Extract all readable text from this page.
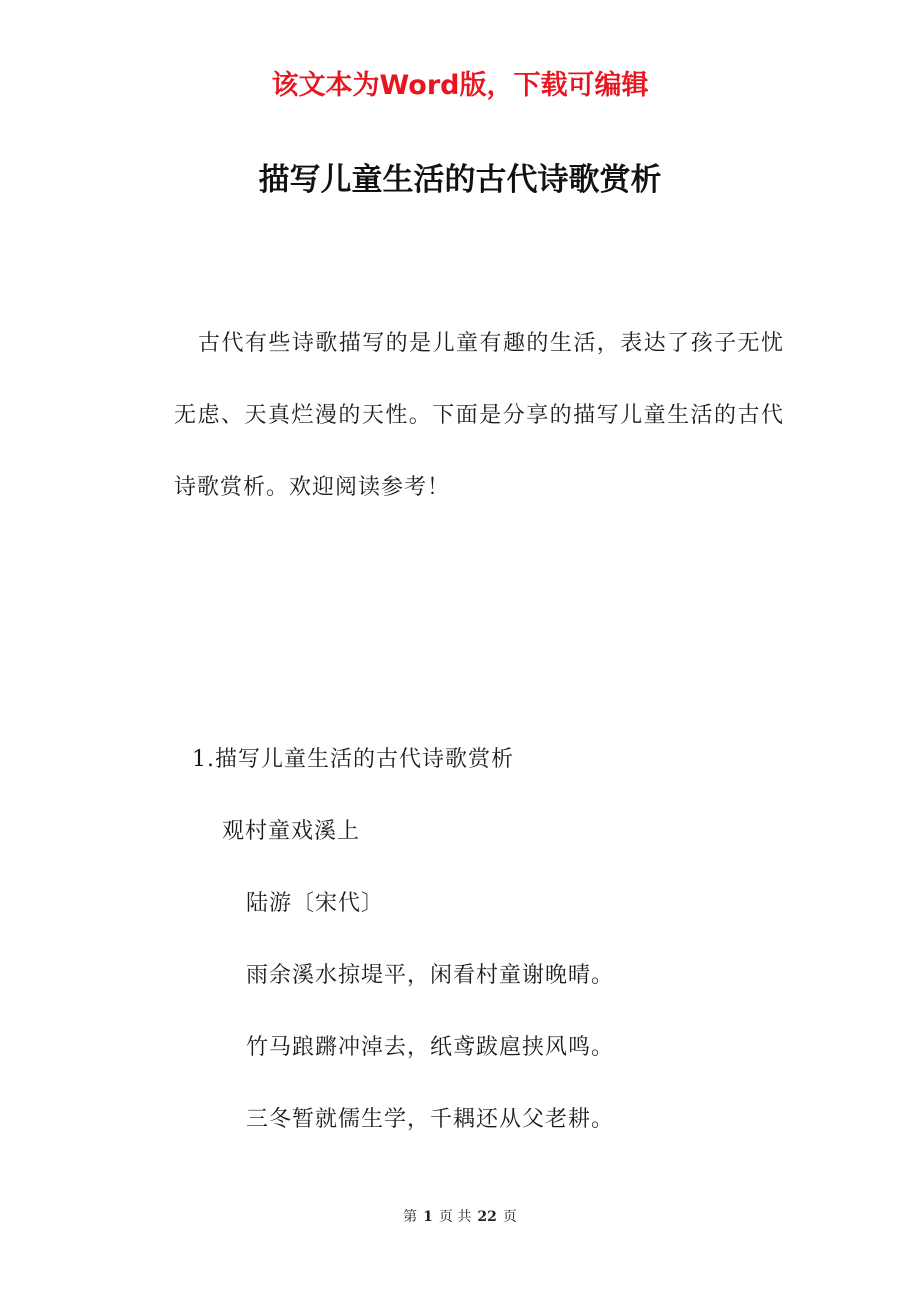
该文本为Word版，下载可编辑
描写儿童生活的古代诗歌赏析

古代有些诗歌描写的是儿童有趣的生活，表达了孩子无忧无虑、天真烂漫的天性。下面是分享的描写儿童生活的古代诗歌赏析。欢迎阅读参考！

1.描写儿童生活的古代诗歌赏析

观村童戏溪上

陆游〔宋代〕

雨余溪水掠堤平，闲看村童谢晚晴。

竹马踉蹡冲淖去，纸鸢跋扈挟风鸣。

三冬暂就儒生学，千耦还从父老耕。

第 1 页 共 22 页
